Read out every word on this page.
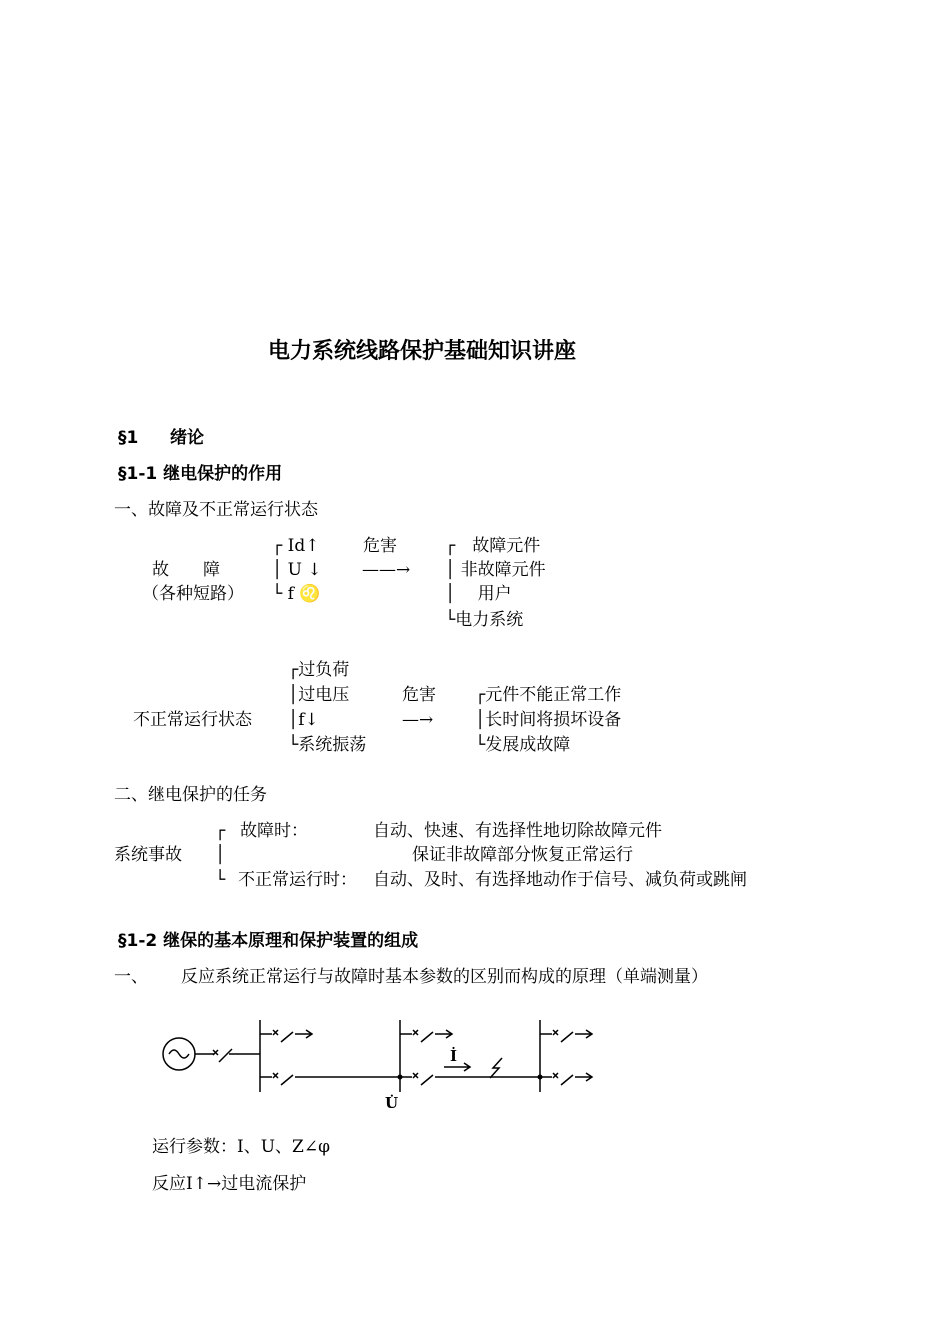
电力系统线路保护基础知识讲座
§1 绪论
§1-1 继电保护的作用
一、故障及不正常运行状态
故　　障
（各种短路）
┌ Id↑
│ U ↓
└ f ♌
危害
——→
┌　故障元件
│ 非故障元件
│　 用户
└电力系统
┌过负荷
│过电压
│f↓
└系统振荡
不正常运行状态
危害
—→
┌元件不能正常工作
│长时间将损坏设备
└发展成故障
二、继电保护的任务
系统事故
┌ 故障时：	自动、快速、有选择性地切除故障元件
│	保证非故障部分恢复正常运行
└ 不正常运行时： 自动、及时、有选择地动作于信号、减负荷或跳闸
§1-2 继保的基本原理和保护装置的组成
一、 反应系统正常运行与故障时基本参数的区别而构成的原理（单端测量）
İ
U̇
运行参数：I、U、Z∠φ
反应I↑→过电流保护
